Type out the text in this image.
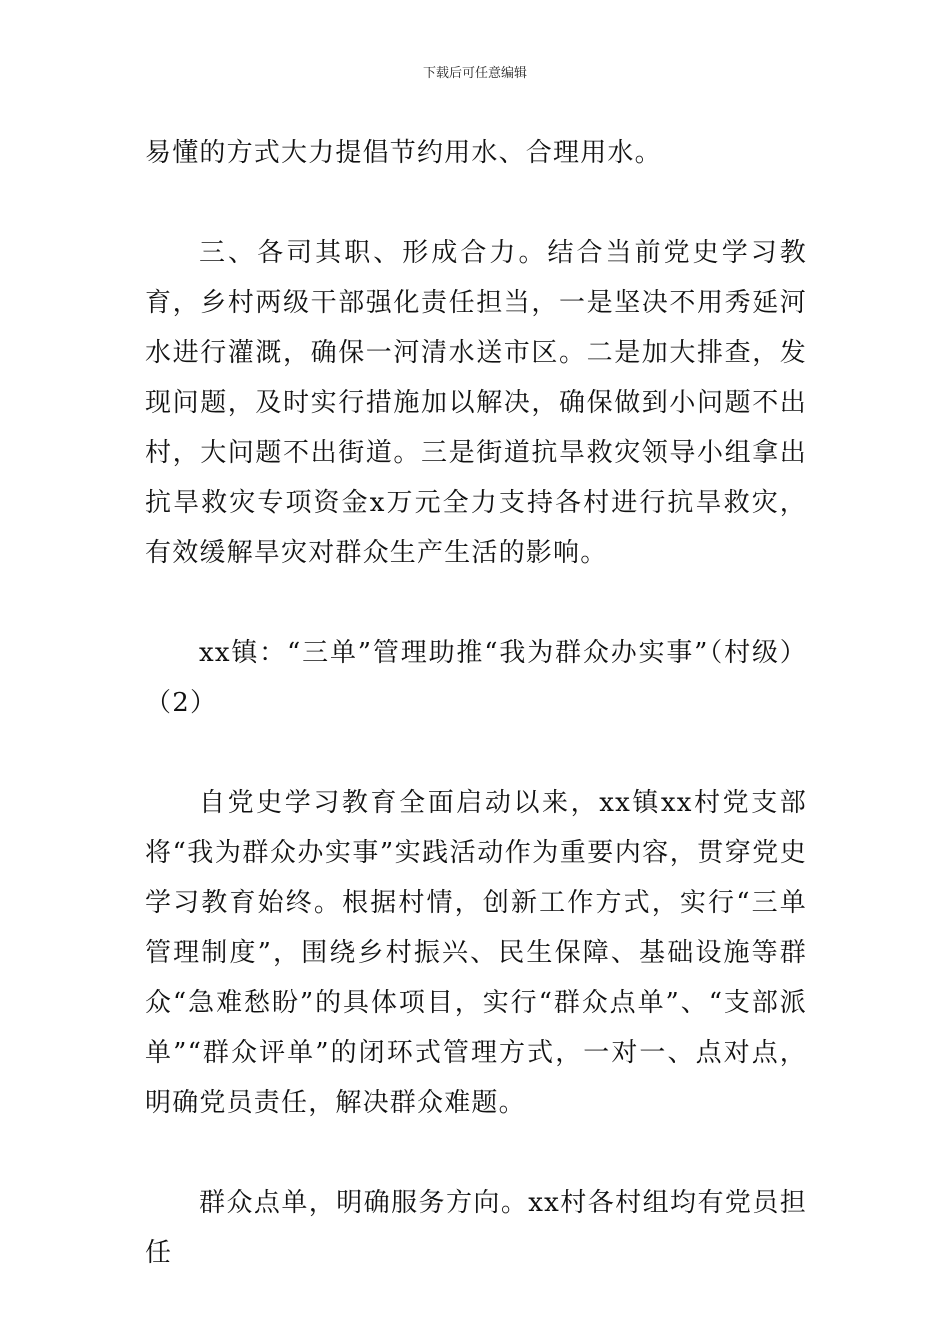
下载后可任意编辑

易懂的方式大力提倡节约用水、合理用水。

三、各司其职、形成合力。结合当前党史学习教育，乡村两级干部强化责任担当，一是坚决不用秀延河水进行灌溉，确保一河清水送市区。二是加大排查，发现问题，及时实行措施加以解决，确保做到小问题不出村，大问题不出街道。三是街道抗旱救灾领导小组拿出抗旱救灾专项资金x万元全力支持各村进行抗旱救灾，有效缓解旱灾对群众生产生活的影响。

xx镇：“三单”管理助推“我为群众办实事”（村级）（2）

自党史学习教育全面启动以来，xx镇xx村党支部将“我为群众办实事”实践活动作为重要内容，贯穿党史学习教育始终。根据村情，创新工作方式，实行“三单管理制度”，围绕乡村振兴、民生保障、基础设施等群众“急难愁盼”的具体项目，实行“群众点单”、“支部派单”“群众评单”的闭环式管理方式，一对一、点对点，明确党员责任，解决群众难题。

群众点单，明确服务方向。xx村各村组均有党员担任
